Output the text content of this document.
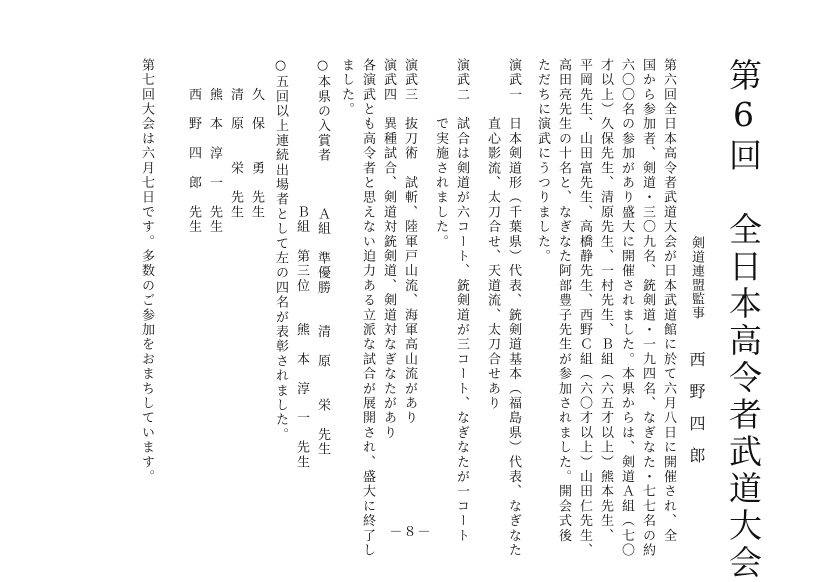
第6回　全日本高令者武道大会
剣道連盟監事 西野四郎
第六回全日本高令者武道大会が日本武道館に於て六月八日に開催され、全
国から参加者、剣道・三〇九名、銃剣道・一九四名、なぎなた・七七名の約
六〇〇名の参加があり盛大に開催されました。本県からは、剣道Ａ組（七〇
才以上）久保先生、清原先生、一村先生、Ｂ組（六五才以上）熊本先生、
平岡先生、山田富先生、高橋静先生、西野Ｃ組（六〇才以上）山田仁先生、
高田亮先生の十名と、なぎなた阿部豊子先生が参加されました。開会式後
ただちに演武にうつりました。
演武一　日本剣道形（千葉県）代表、銃剣道基本（福島県）代表、なぎなた
　　　　直心影流、太刀合せ、天道流、太刀合せあり
演武二　試合は剣道が六コート、銃剣道が三コート、なぎなたが一コート
　　　　で実施されました。
演武三　抜刀術　試斬、陸軍戸山流、海軍高山流があり
演武四　異種試合、剣道対銃剣道、剣道対なぎなたがあり
各演武とも高令者と思えない迫力ある立派な試合が展開され、盛大に終了し
ました。
○本県の入賞者　　　Ａ組　準優勝　　清　原　　栄　先生
　　　　　　　　　　Ｂ組　第三位　　熊　本　淳　一　先生
○五回以上連続出場者として左の四名が表彰されました。
　　久　保　　勇　先生
　　清　原　　栄　先生
　　熊　本　淳　一　先生
　　西　野　四　郎　先生
第七回大会は六月七日です。多数のご参加をおまちしています。
－８－
